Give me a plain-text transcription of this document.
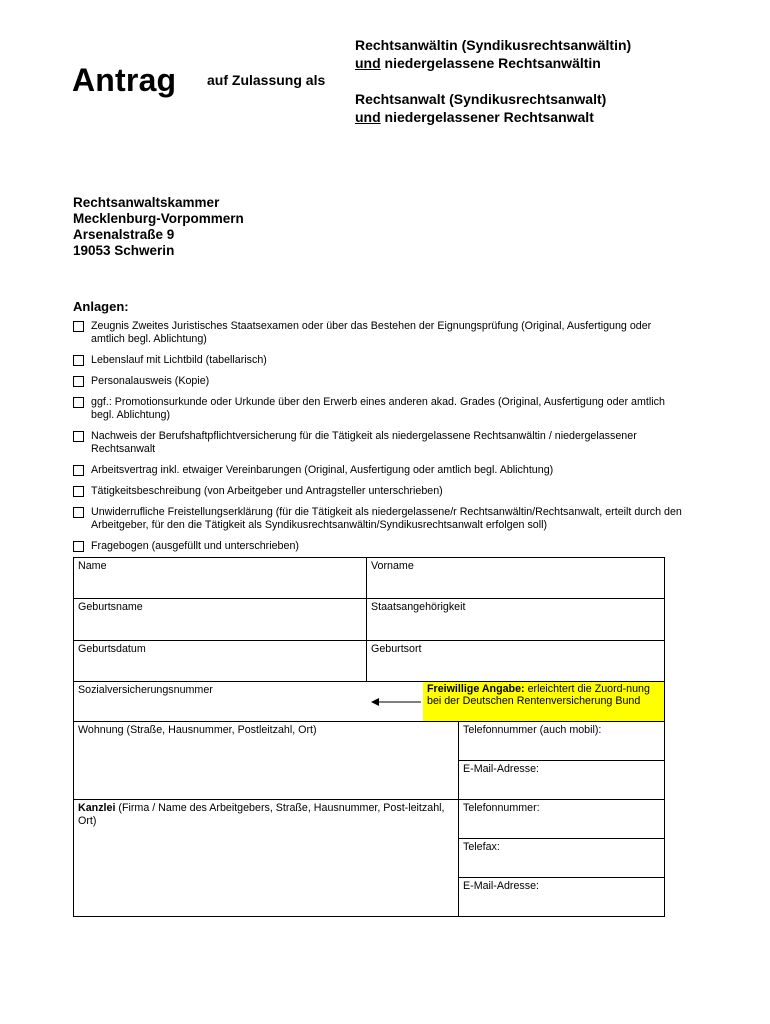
Antrag auf Zulassung als
Rechtsanwältin (Syndikusrechtsanwältin)
und niedergelassene Rechtsanwältin
Rechtsanwalt (Syndikusrechtsanwalt)
und niedergelassener Rechtsanwalt
Rechtsanwaltskammer
Mecklenburg-Vorpommern
Arsenalstraße 9
19053 Schwerin
Anlagen:
Zeugnis Zweites Juristisches Staatsexamen oder über das Bestehen der Eignungsprüfung (Original, Ausfertigung oder amtlich begl. Ablichtung)
Lebenslauf mit Lichtbild (tabellarisch)
Personalausweis (Kopie)
ggf.: Promotionsurkunde oder Urkunde über den Erwerb eines anderen akad. Grades (Original, Ausfertigung oder amtlich begl. Ablichtung)
Nachweis der Berufshaftpflichtversicherung für die Tätigkeit als niedergelassene Rechtsanwältin / niedergelassener Rechtsanwalt
Arbeitsvertrag inkl. etwaiger Vereinbarungen (Original, Ausfertigung oder amtlich begl. Ablichtung)
Tätigkeitsbeschreibung (von Arbeitgeber und Antragsteller unterschrieben)
Unwiderrufliche Freistellungserklärung (für die Tätigkeit als niedergelassene/r Rechtsanwältin/Rechtsanwalt, erteilt durch den Arbeitgeber, für den die Tätigkeit als Syndikusrechtsanwältin/Syndikusrechtsanwalt erfolgen soll)
Fragebogen (ausgefüllt und unterschrieben)
Name	Vorname
Geburtsname	Staatsangehörigkeit
Geburtsdatum	Geburtsort
Sozialversicherungsnummer	Freiwillige Angabe: erleichtert die Zuord-nung bei der Deutschen Rentenversicherung Bund
Wohnung (Straße, Hausnummer, Postleitzahl, Ort)	Telefonnummer (auch mobil):
E-Mail-Adresse:
Kanzlei (Firma / Name des Arbeitgebers, Straße, Hausnummer, Post-leitzahl, Ort)
Telefonnummer:
Telefax:
E-Mail-Adresse:
